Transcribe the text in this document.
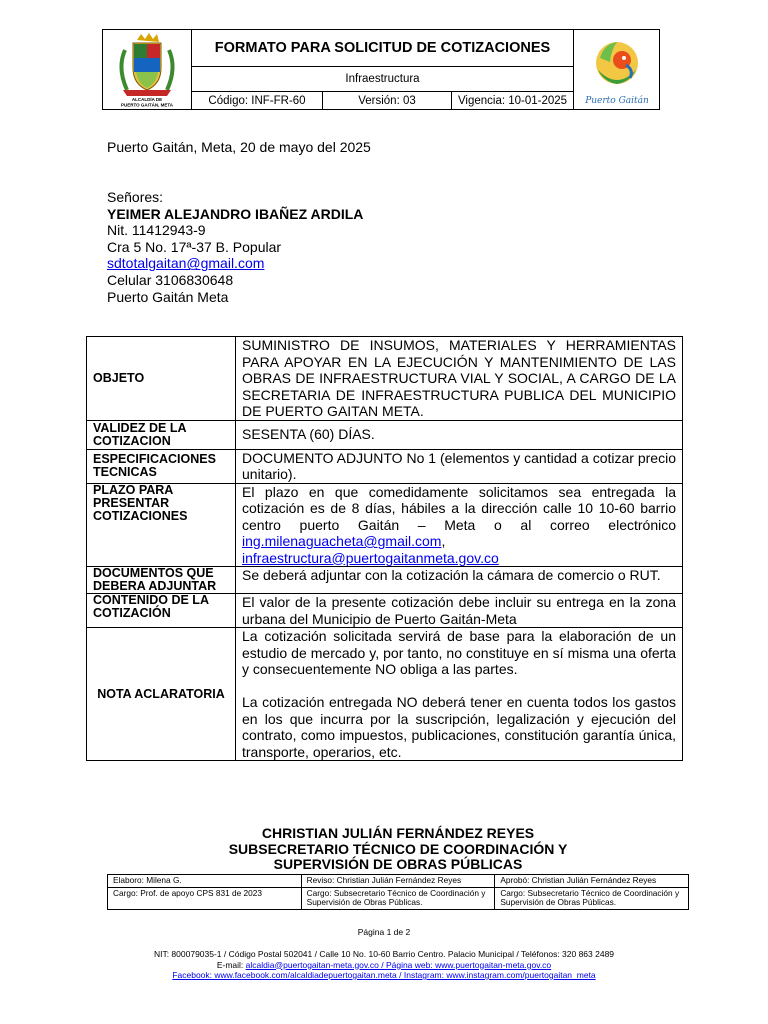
ALCALDÍA DE
PUERTO GAITÁN, META
FORMATO PARA SOLICITUD DE COTIZACIONES
Infraestructura
Código: INF-FR-60	Versión: 03	Vigencia: 10-01-2025	Puerto Gaitán
Puerto Gaitán, Meta, 20 de mayo del 2025
Señores:
YEIMER ALEJANDRO IBAÑEZ ARDILA
Nit. 11412943-9
Cra 5 No. 17ª-37 B. Popular
sdtotalgaitan@gmail.com
Celular 3106830648
Puerto Gaitán Meta
OBJETO	SUMINISTRO DE INSUMOS, MATERIALES Y HERRAMIENTAS PARA APOYAR EN LA EJECUCIÓN Y MANTENIMIENTO DE LAS OBRAS DE INFRAESTRUCTURA VIAL Y SOCIAL, A CARGO DE LA SECRETARIA DE INFRAESTRUCTURA PUBLICA DEL MUNICIPIO DE PUERTO GAITAN META.
VALIDEZ DE LA COTIZACION	SESENTA (60) DÍAS.
ESPECIFICACIONES TECNICAS	DOCUMENTO ADJUNTO No 1 (elementos y cantidad a cotizar precio unitario).
PLAZO PARA PRESENTAR COTIZACIONES	El plazo en que comedidamente solicitamos sea entregada la cotización es de 8 días, hábiles a la dirección calle 10 10-60 barrio centro puerto Gaitán – Meta o al correo electrónico ing.milenaguacheta@gmail.com,
infraestructura@puertogaitanmeta.gov.co
DOCUMENTOS QUE DEBERA ADJUNTAR	Se deberá adjuntar con la cotización la cámara de comercio o RUT.
CONTENIDO DE LA COTIZACIÓN	El valor de la presente cotización debe incluir su entrega en la zona urbana del Municipio de Puerto Gaitán-Meta
NOTA ACLARATORIA	La cotización solicitada servirá de base para la elaboración de un estudio de mercado y, por tanto, no constituye en sí misma una oferta y consecuentemente NO obliga a las partes.
La cotización entregada NO deberá tener en cuenta todos los gastos en los que incurra por la suscripción, legalización y ejecución del contrato, como impuestos, publicaciones, constitución garantía única, transporte, operarios, etc.
CHRISTIAN JULIÁN FERNÁNDEZ REYES
SUBSECRETARIO TÉCNICO DE COORDINACIÓN Y
SUPERVISIÓN DE OBRAS PÚBLICAS
Elaboro: Milena G.	Reviso: Christian Julián Fernández Reyes	Aprobó: Christian Julián Fernández Reyes
Cargo: Prof. de apoyo CPS 831 de 2023	Cargo: Subsecretario Técnico de Coordinación y Supervisión de Obras Públicas.	Cargo: Subsecretario Técnico de Coordinación y Supervisión de Obras Públicas.
Página 1 de 2
NIT: 800079035-1 / Código Postal 502041 / Calle 10 No. 10-60 Barrio Centro. Palacio Municipal / Teléfonos: 320 863 2489
E-mail: alcaldia@puertogaitan-meta.gov.co / Página web: www.puertogaitan-meta.gov.co
Facebook: www.facebook.com/alcaldiadepuertogaitan.meta / Instagram: www.instagram.com/puertogaitan_meta
